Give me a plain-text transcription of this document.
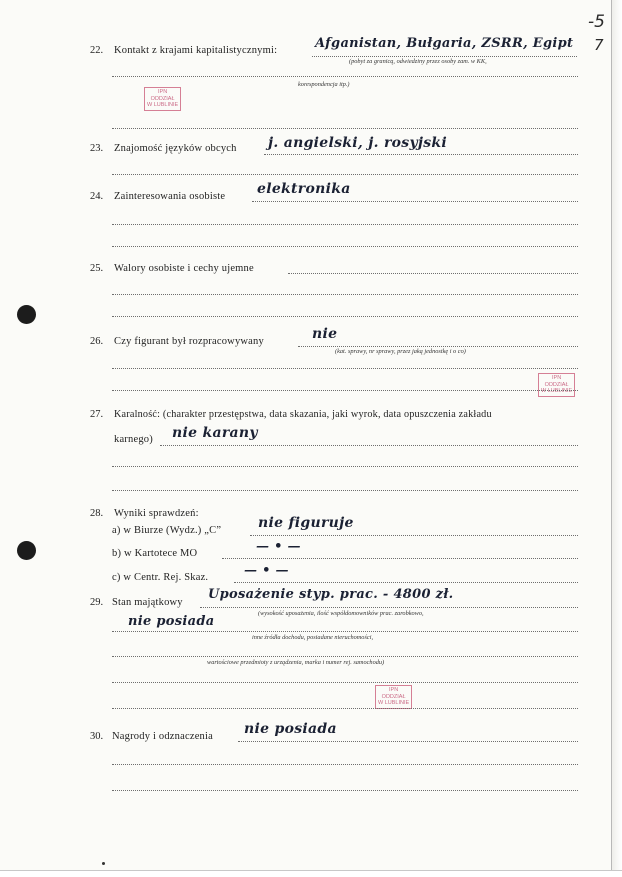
-5
7
22. Kontakt z krajami kapitalistycznymi:	Afganistan, Bułgaria, ZSRR, Egipt
(pobyt za granicą, odwiedziny przez osoby zam. w KK,
korespondencja itp.)
IPN
ODDZIAŁ
W LUBLINIE
23. Znajomość języków obcych j. angielski, j. rosyjski
24. Zainteresowania osobiste elektronika
25. Walory osobiste i cechy ujemne
26. Czy figurant był rozpracowywany	nie
(kat. sprawy, nr sprawy, przez jaką jednostkę i o co)
IPN
ODDZIAŁ
W LUBLINIE
27. Karalność: (charakter przestępstwa, data skazania, jaki wyrok, data opuszczenia zakładu
karnego) nie karany
28. Wyniki sprawdzeń:
a) w Biurze (Wydz.) „C”	nie figuruje
b) w Kartotece MO	— • —
c) w Centr. Rej. Skaz.	— • —
29. Stan majątkowy
Uposażenie styp. prac. - 4800 zł.
(wysokość uposażenia, ilość współdomowników prac. zarobkowo,
nie posiada
inne źródła dochodu, posiadane nieruchomości,
wartościowe przedmioty z urządzenia, marka i numer rej. samochodu)
IPN
ODDZIAŁ
W LUBLINIE
30. Nagrody i odznaczenia nie posiada
